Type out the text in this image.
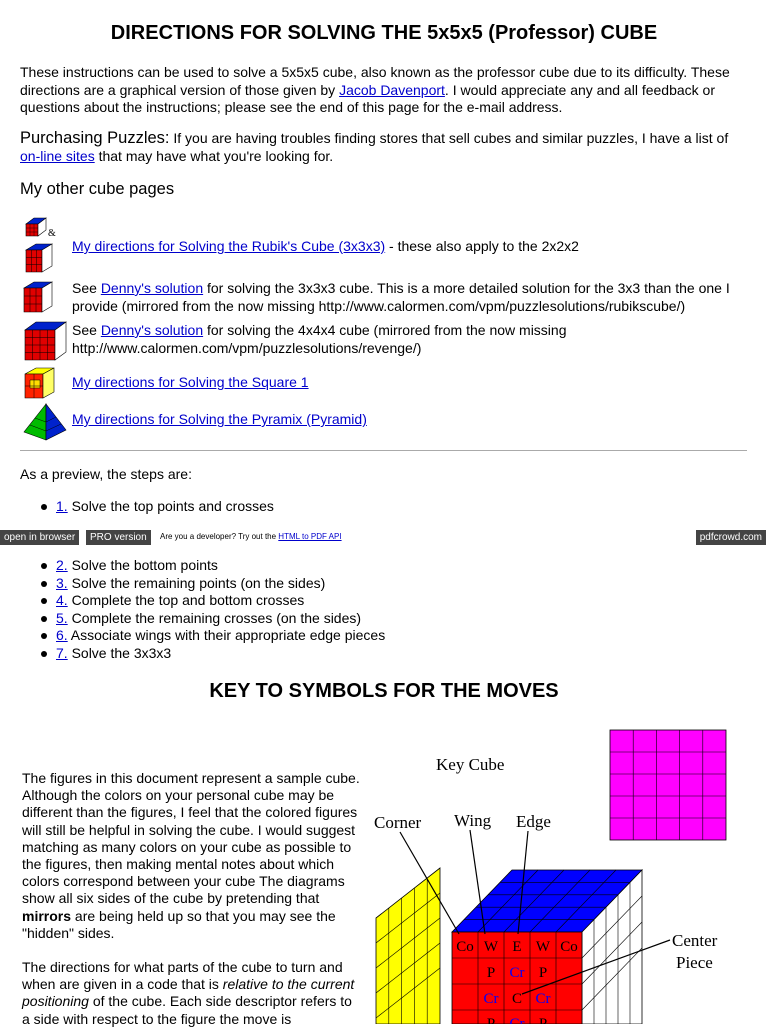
DIRECTIONS FOR SOLVING THE 5x5x5 (Professor) CUBE
These instructions can be used to solve a 5x5x5 cube, also known as the professor cube due to its difficulty. These directions are a graphical version of those given by Jacob Davenport. I would appreciate any and all feedback or questions about the instructions; please see the end of this page for the e-mail address.
Purchasing Puzzles: If you are having troubles finding stores that sell cubes and similar puzzles, I have a list of on-line sites that may have what you're looking for.
My other cube pages
&
My directions for Solving the Rubik's Cube (3x3x3) - these also apply to the 2x2x2
See Denny's solution for solving the 3x3x3 cube. This is a more detailed solution for the 3x3 than the one I provide (mirrored from the now missing http://www.calormen.com/vpm/puzzlesolutions/rubikscube/)
See Denny's solution for solving the 4x4x4 cube (mirrored from the now missing http://www.calormen.com/vpm/puzzlesolutions/revenge/)
My directions for Solving the Square 1
My directions for Solving the Pyramix (Pyramid)
As a preview, the steps are:
1. Solve the top points and crosses
open in browser	PRO version	Are you a developer? Try out the HTML to PDF API	pdfcrowd.com
2. Solve the bottom points
3. Solve the remaining points (on the sides)
4. Complete the top and bottom crosses
5. Complete the remaining crosses (on the sides)
6. Associate wings with their appropriate edge pieces
7. Solve the 3x3x3
KEY TO SYMBOLS FOR THE MOVES
The figures in this document represent a sample cube. Although the colors on your personal cube may be different than the figures, I feel that the colored figures will still be helpful in solving the cube. I would suggest matching as many colors on your cube as possible to the figures, then making mental notes about which colors correspond between your cube The diagrams show all six sides of the cube by pretending that mirrors are being held up so that you may see the "hidden" sides.
The directions for what parts of the cube to turn and when are given in a code that is relative to the current positioning of the cube. Each side descriptor refers to a side with respect to the figure the move is
Key Cube
Corner Wing Edge
Center
Piece
Co W E W Co
P Cr P
Cr C Cr
P Cr P
